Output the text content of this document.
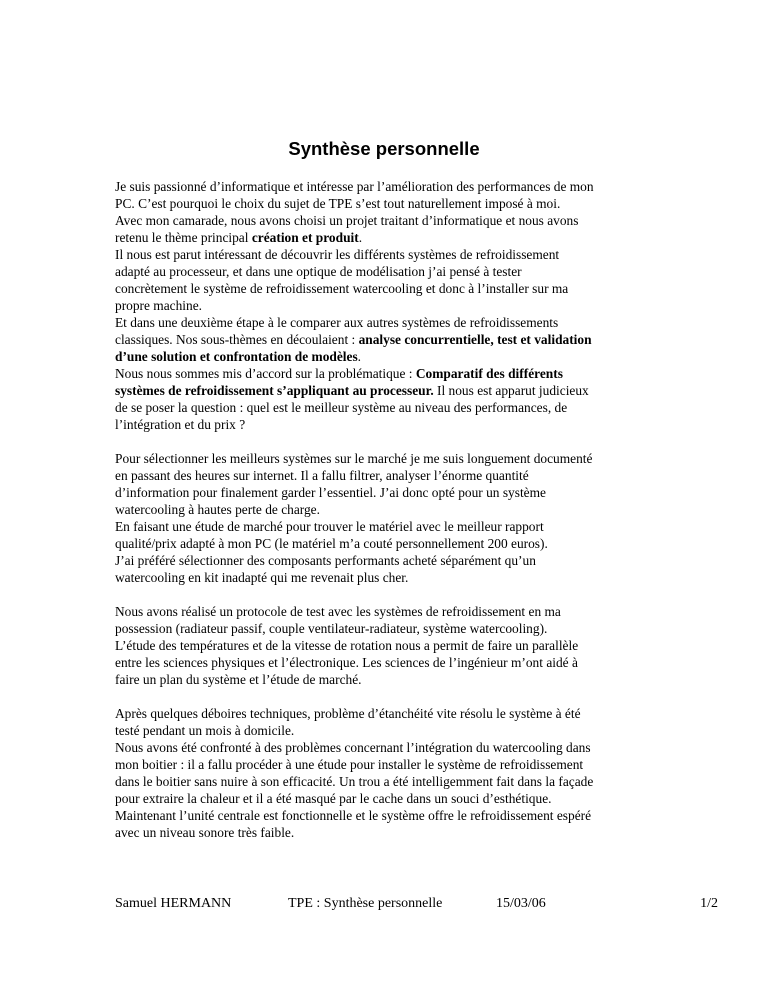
Synthèse personnelle
Je suis passionné d’informatique et intéresse par l’amélioration des performances de mon
PC. C’est pourquoi le choix du sujet de TPE s’est tout naturellement imposé à moi.
Avec mon camarade, nous avons choisi un projet traitant d’informatique et nous avons
retenu le thème principal création et produit.
Il nous est parut intéressant de découvrir les différents systèmes de refroidissement
adapté au processeur, et dans une optique de modélisation j’ai pensé à tester
concrètement le système de refroidissement watercooling et donc à l’installer sur ma
propre machine.
Et dans une deuxième étape à le comparer aux autres systèmes de refroidissements
classiques. Nos sous-thèmes en découlaient : analyse concurrentielle, test et validation
d’une solution et confrontation de modèles.
Nous nous sommes mis d’accord sur la problématique : Comparatif des différents
systèmes de refroidissement s’appliquant au processeur. Il nous est apparut judicieux
de se poser la question : quel est le meilleur système au niveau des performances, de
l’intégration et du prix ?
Pour sélectionner les meilleurs systèmes sur le marché je me suis longuement documenté
en passant des heures sur internet. Il a fallu filtrer, analyser l’énorme quantité
d’information pour finalement garder l’essentiel. J’ai donc opté pour un système
watercooling à hautes perte de charge.
En faisant une étude de marché pour trouver le matériel avec le meilleur rapport
qualité/prix adapté à mon PC (le matériel m’a couté personnellement 200 euros).
J’ai préféré sélectionner des composants performants acheté séparément qu’un
watercooling en kit inadapté qui me revenait plus cher.
Nous avons réalisé un protocole de test avec les systèmes de refroidissement en ma
possession (radiateur passif, couple ventilateur-radiateur, système watercooling).
L’étude des températures et de la vitesse de rotation nous a permit de faire un parallèle
entre les sciences physiques et l’électronique. Les sciences de l’ingénieur m’ont aidé à
faire un plan du système et l’étude de marché.
Après quelques déboires techniques, problème d’étanchéité vite résolu le système à été
testé pendant un mois à domicile.
Nous avons été confronté à des problèmes concernant l’intégration du watercooling dans
mon boitier : il a fallu procéder à une étude pour installer le système de refroidissement
dans le boitier sans nuire à son efficacité. Un trou a été intelligemment fait dans la façade
pour extraire la chaleur et il a été masqué par le cache dans un souci d’esthétique.
Maintenant l’unité centrale est fonctionnelle et le système offre le refroidissement espéré
avec un niveau sonore très faible.
Samuel HERMANN	TPE : Synthèse personnelle	15/03/06	1/2
